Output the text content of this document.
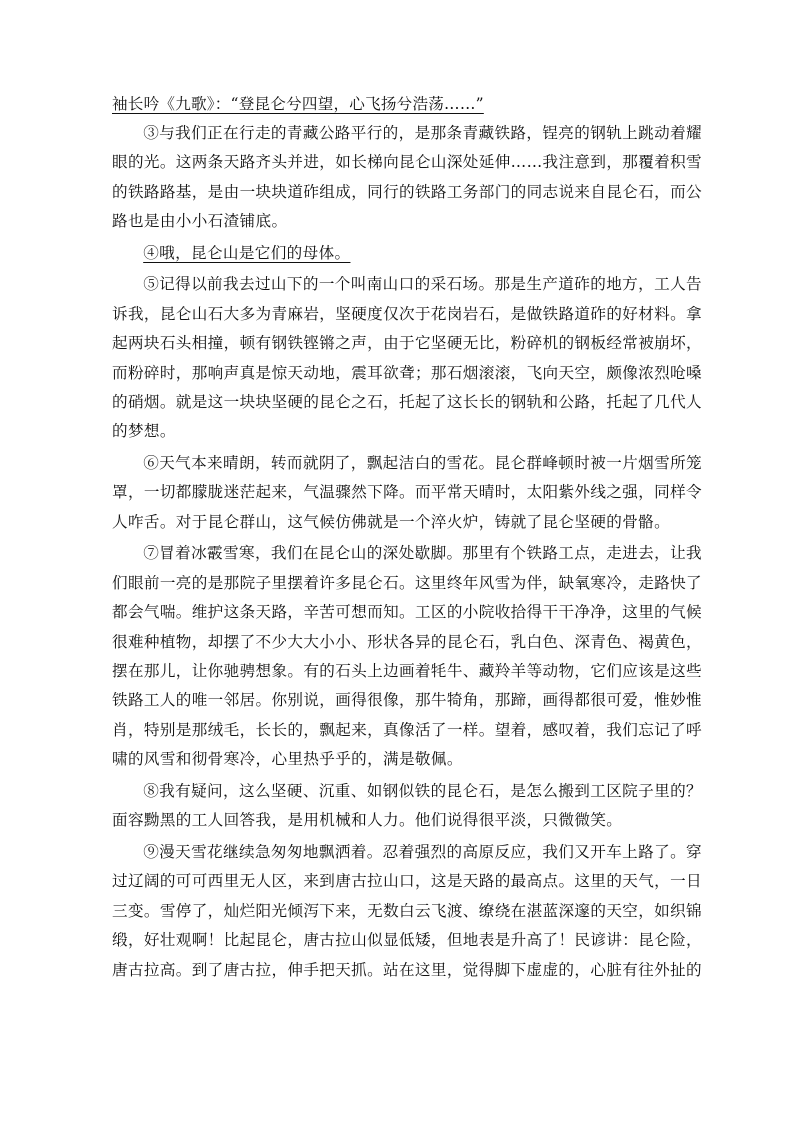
袖长吟《九歌》：“登昆仑兮四望，心飞扬兮浩荡……”

③与我们正在行走的青藏公路平行的，是那条青藏铁路，锃亮的钢轨上跳动着耀眼的光。这两条天路齐头并进，如长梯向昆仑山深处延伸……我注意到，那覆着积雪的铁路路基，是由一块块道砟组成，同行的铁路工务部门的同志说来自昆仑石，而公路也是由小小石渣铺底。

④哦，昆仑山是它们的母体。

⑤记得以前我去过山下的一个叫南山口的采石场。那是生产道砟的地方，工人告诉我，昆仑山石大多为青麻岩，坚硬度仅次于花岗岩石，是做铁路道砟的好材料。拿起两块石头相撞，顿有钢铁铿锵之声，由于它坚硬无比，粉碎机的钢板经常被崩坏，而粉碎时，那响声真是惊天动地，震耳欲聋；那石烟滚滚，飞向天空，颇像浓烈呛嗓的硝烟。就是这一块块坚硬的昆仑之石，托起了这长长的钢轨和公路，托起了几代人的梦想。

⑥天气本来晴朗，转而就阴了，飘起洁白的雪花。昆仑群峰顿时被一片烟雪所笼罩，一切都朦胧迷茫起来，气温骤然下降。而平常天晴时，太阳紫外线之强，同样令人咋舌。对于昆仑群山，这气候仿佛就是一个淬火炉，铸就了昆仑坚硬的骨骼。

⑦冒着冰霰雪寒，我们在昆仑山的深处歇脚。那里有个铁路工点，走进去，让我们眼前一亮的是那院子里摆着许多昆仑石。这里终年风雪为伴，缺氧寒冷，走路快了都会气喘。维护这条天路，辛苦可想而知。工区的小院收拾得干干净净，这里的气候很难种植物，却摆了不少大大小小、形状各异的昆仑石，乳白色、深青色、褐黄色，摆在那儿，让你驰骋想象。有的石头上边画着牦牛、藏羚羊等动物，它们应该是这些铁路工人的唯一邻居。你别说，画得很像，那牛犄角，那蹄，画得都很可爱，惟妙惟肖，特别是那绒毛，长长的，飘起来，真像活了一样。望着，感叹着，我们忘记了呼啸的风雪和彻骨寒冷，心里热乎乎的，满是敬佩。

⑧我有疑问，这么坚硬、沉重、如钢似铁的昆仑石，是怎么搬到工区院子里的？面容黝黑的工人回答我，是用机械和人力。他们说得很平淡，只微微笑。

⑨漫天雪花继续急匆匆地飘洒着。忍着强烈的高原反应，我们又开车上路了。穿过辽阔的可可西里无人区，来到唐古拉山口，这是天路的最高点。这里的天气，一日三变。雪停了，灿烂阳光倾泻下来，无数白云飞渡、缭绕在湛蓝深邃的天空，如织锦缎，好壮观啊！比起昆仑，唐古拉山似显低矮，但地表是升高了！民谚讲：昆仑险，唐古拉高。到了唐古拉，伸手把天抓。站在这里，觉得脚下虚虚的，心脏有往外扯的
